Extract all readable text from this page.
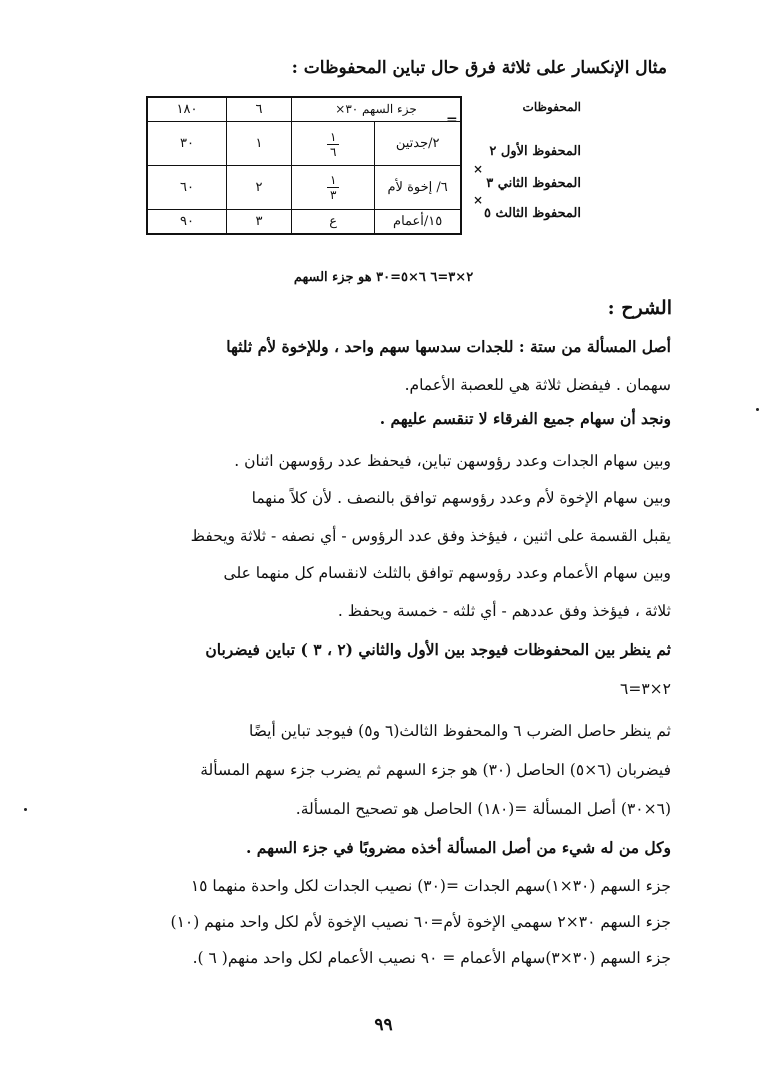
مثال الإنكسار على ثلاثة فرق حال تباين المحفوظات :
=
جزء السهم ٣٠×		٦	١٨٠
٢/جدتين	$\frac{١}{٦}$	١	٣٠
٦/ إخوة لأم	$\frac{١}{٣}$	٢	٦٠
١٥/أعمام	ع	٣	٩٠
المحفوظات
المحفوظ الأول ٢
×
المحفوظ الثاني ٣
×
المحفوظ الثالث ٥
٢×٣=٦ ٦×٥=٣٠ هو جزء السهم
الشرح :
أصل المسألة من ستة : للجدات سدسها سهم واحد ، وللإخوة لأم ثلثها
سهمان . فيفضل ثلاثة هي للعصبة الأعمام.
ونجد أن سهام جميع الفرقاء لا تنقسم عليهم .
وبين سهام الجدات وعدد رؤوسهن تباين، فيحفظ عدد رؤوسهن اثنان .
وبين سهام الإخوة لأم وعدد رؤوسهم توافق بالنصف . لأن كلاً منهما
يقبل القسمة على اثنين ، فيؤخذ وفق عدد الرؤوس - أي نصفه - ثلاثة ويحفظ
وبين سهام الأعمام وعدد رؤوسهم توافق بالثلث لانقسام كل منهما على
ثلاثة ، فيؤخذ وفق عددهم - أي ثلثه - خمسة ويحفظ .
ثم ينظر بين المحفوظات فيوجد بين الأول والثاني (٢ ، ٣ ) تباين فيضربان
٢×٣=٦
ثم ينظر حاصل الضرب ٦ والمحفوظ الثالث(٦ و٥) فيوجد تباين أيضًا
فيضربان (٦×٥) الحاصل (٣٠) هو جزء السهم ثم يضرب جزء سهم المسألة
(٦×٣٠) أصل المسألة =(١٨٠) الحاصل هو تصحيح المسألة.
وكل من له شيء من أصل المسألة أخذه مضروبًا في جزء السهم .
جزء السهم (٣٠×١)سهم الجدات =(٣٠) نصيب الجدات لكل واحدة منهما ١٥
جزء السهم ٣٠×٢ سهمي الإخوة لأم=٦٠ نصيب الإخوة لأم لكل واحد منهم (١٠)
جزء السهم (٣٠×٣)سهام الأعمام = ٩٠ نصيب الأعمام لكل واحد منهم( ٦ ).
٩٩
